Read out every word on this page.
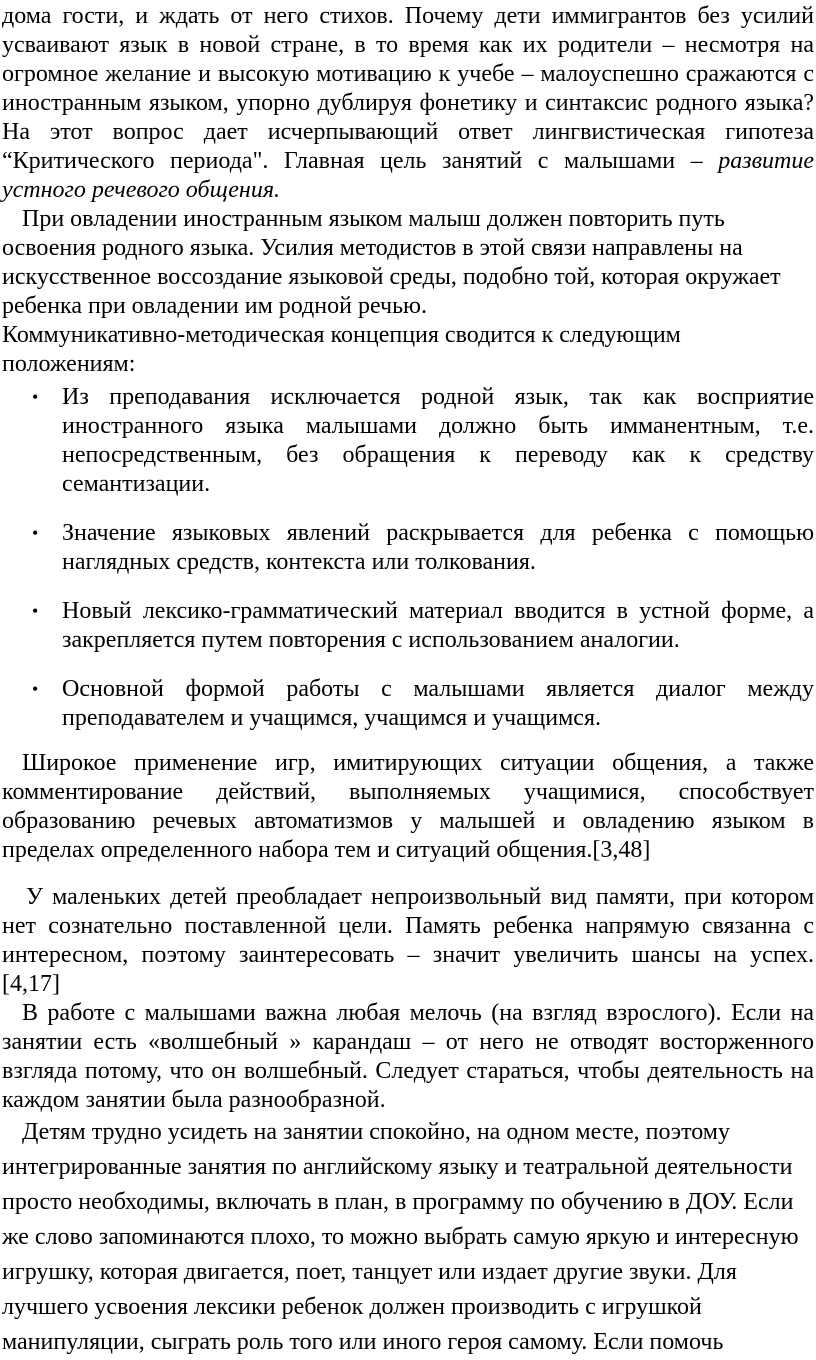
дома гости, и ждать от него стихов. Почему дети иммигрантов без усилий усваивают язык в новой стране, в то время как их родители – несмотря на огромное желание и высокую мотивацию к учебе – малоуспешно сражаются с иностранным языком, упорно дублируя фонетику и синтаксис родного языка? На этот вопрос дает исчерпывающий ответ лингвистическая гипотеза “Критического периода". Главная цель занятий с малышами – развитие устного речевого общения.

При овладении иностранным языком малыш должен повторить путь освоения родного языка. Усилия методистов в этой связи направлены на искусственное воссоздание языковой среды, подобно той, которая окружает ребенка при овладении им родной речью.

Коммуникативно-методическая концепция сводится к следующим положениям:

• Из преподавания исключается родной язык, так как восприятие иностранного языка малышами должно быть имманентным, т.е. непосредственным, без обращения к переводу как к средству семантизации.
• Значение языковых явлений раскрывается для ребенка с помощью наглядных средств, контекста или толкования.
• Новый лексико-грамматический материал вводится в устной форме, а закрепляется путем повторения с использованием аналогии.
• Основной формой работы с малышами является диалог между преподавателем и учащимся, учащимся и учащимся.

Широкое применение игр, имитирующих ситуации общения, а также комментирование действий, выполняемых учащимися, способствует образованию речевых автоматизмов у малышей и овладению языком в пределах определенного набора тем и ситуаций общения.[3,48]

У маленьких детей преобладает непроизвольный вид памяти, при котором нет сознательно поставленной цели. Память ребенка напрямую связанна с интересном, поэтому заинтересовать – значит увеличить шансы на успех.[4,17]

В работе с малышами важна любая мелочь (на взгляд взрослого). Если на занятии есть «волшебный » карандаш – от него не отводят восторженного взгляда потому, что он волшебный. Следует стараться, чтобы деятельность на каждом занятии была разнообразной.

Детям трудно усидеть на занятии спокойно, на одном месте, поэтому интегрированные занятия по английскому языку и театральной деятельности просто необходимы, включать в план, в программу по обучению в ДОУ. Если же слово запоминаются плохо, то можно выбрать самую яркую и интересную игрушку, которая двигается, поет, танцует или издает другие звуки. Для лучшего усвоения лексики ребенок должен производить с игрушкой манипуляции, сыграть роль того или иного героя самому. Если помочь
